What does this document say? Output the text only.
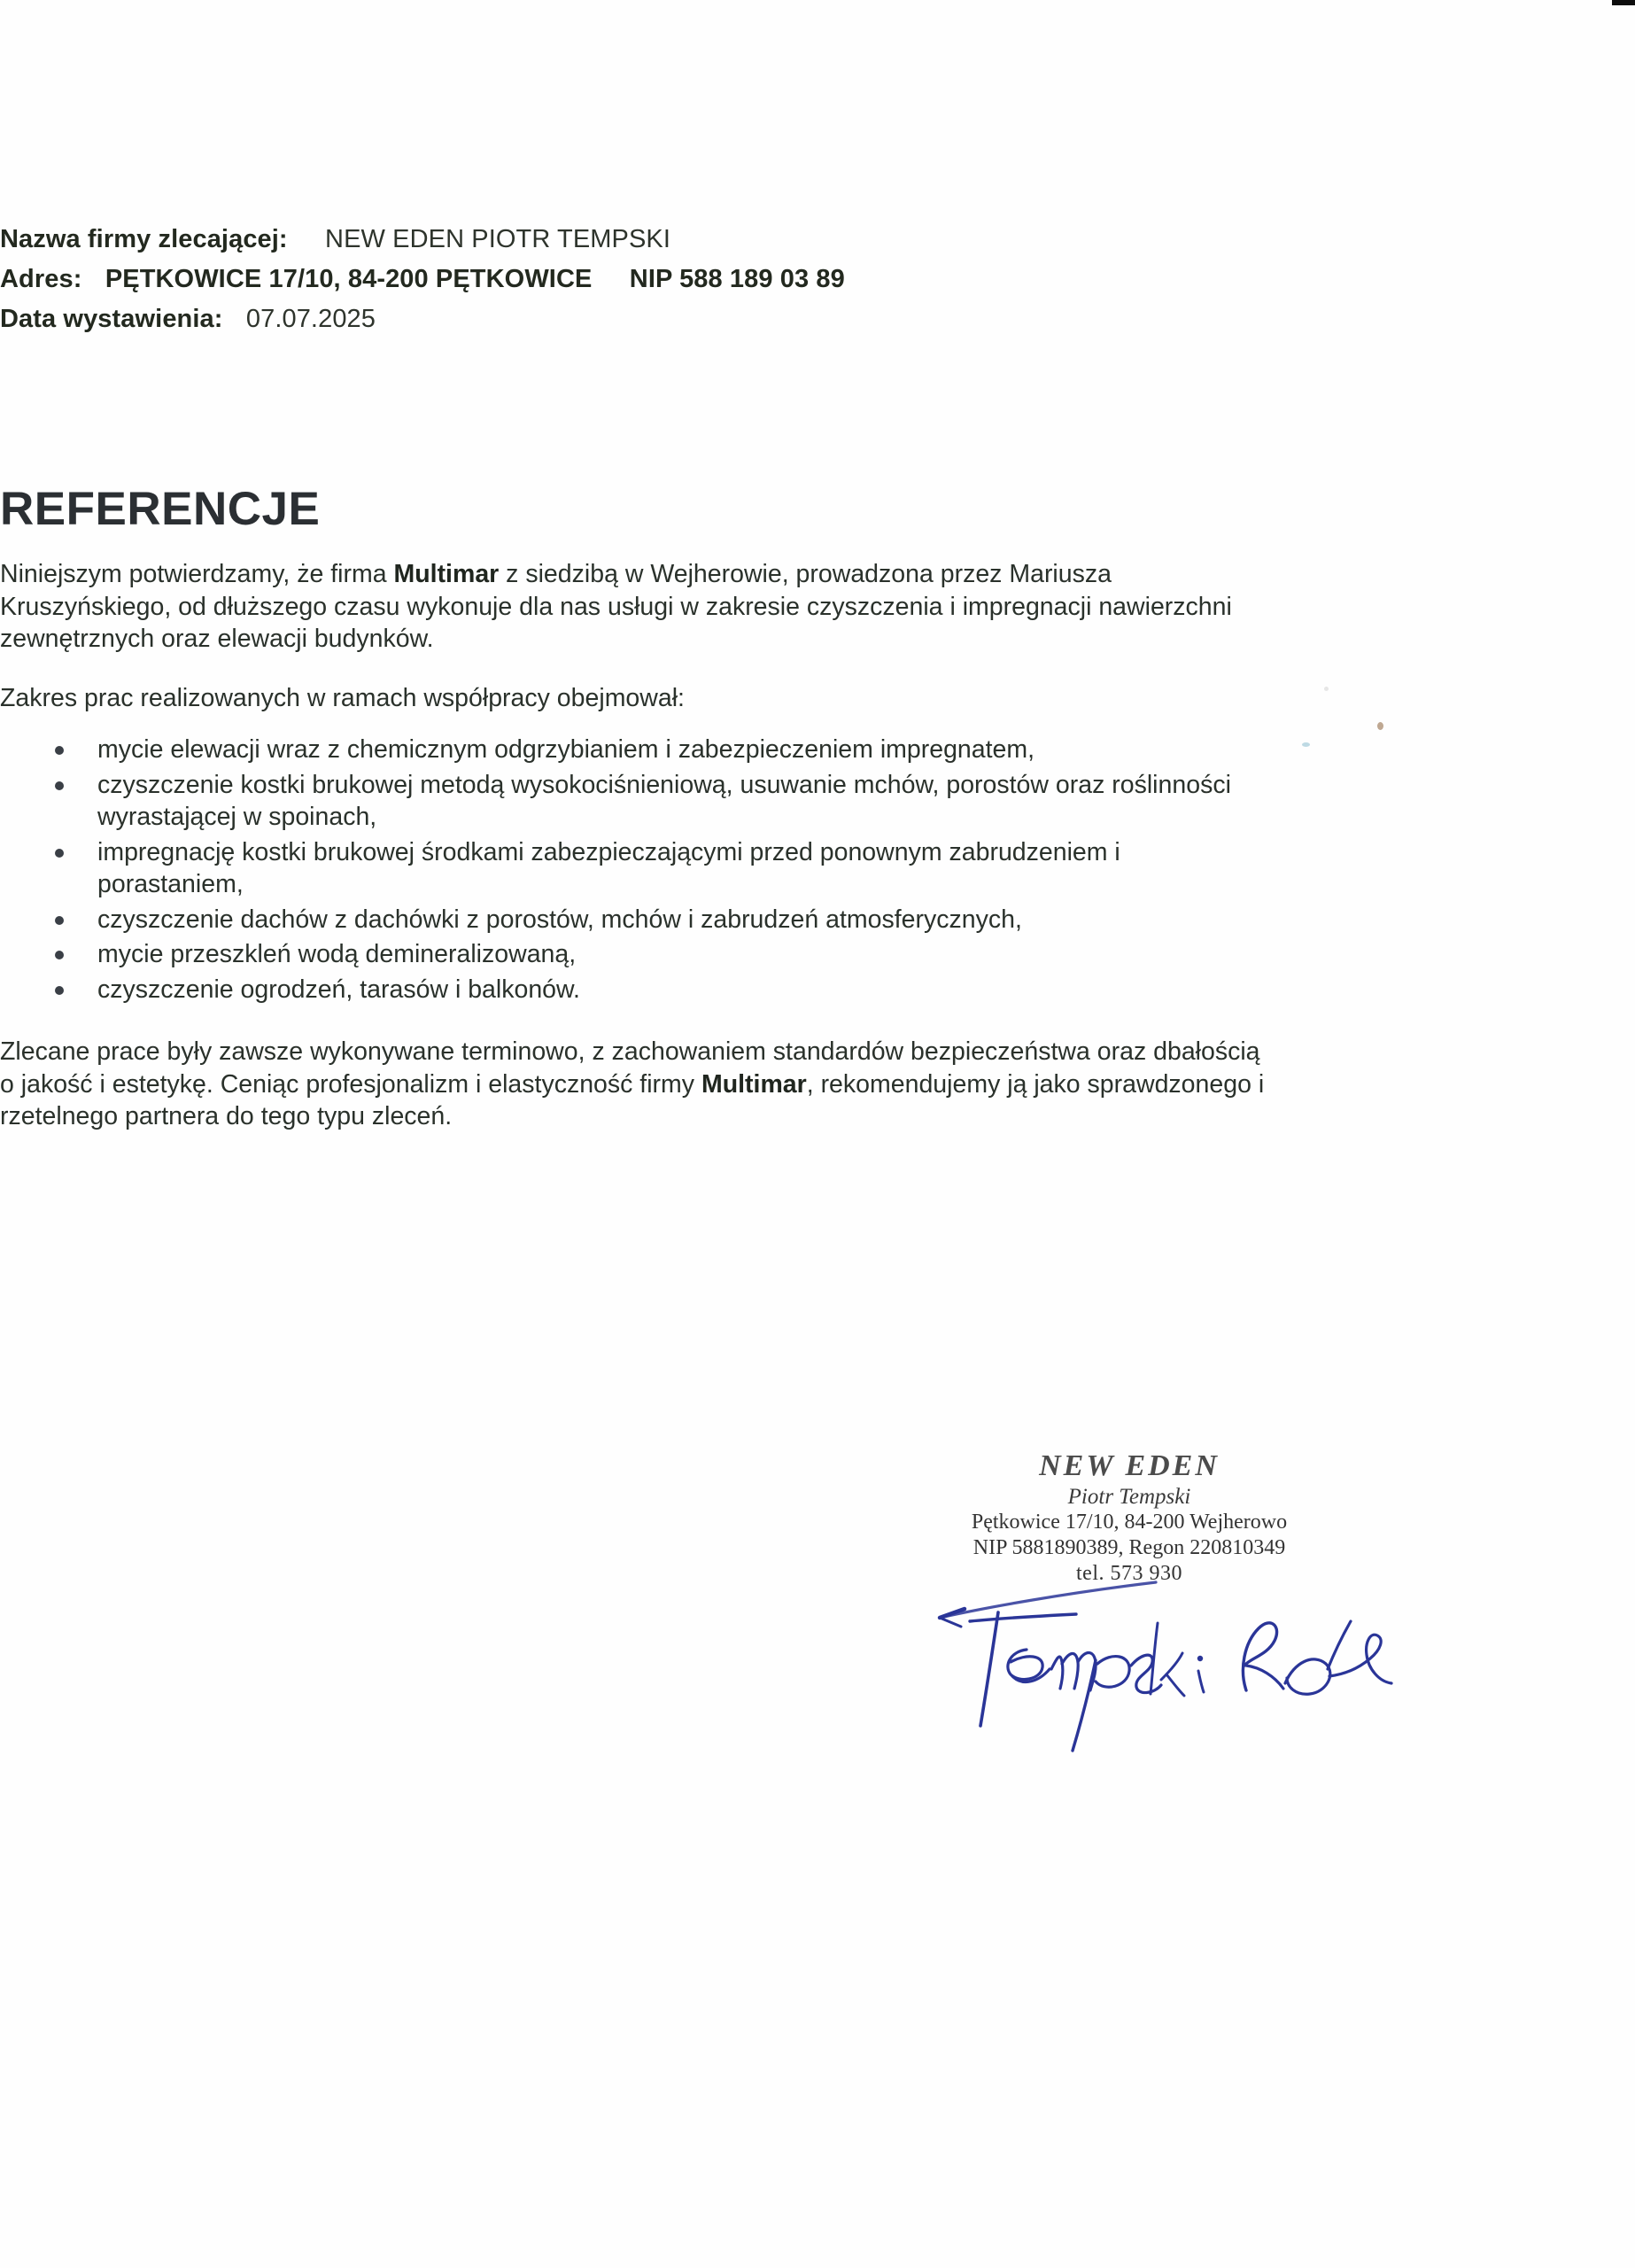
Nazwa firmy zlecającej: NEW EDEN PIOTR TEMPSKI
Adres: PĘTKOWICE 17/10, 84-200 PĘTKOWICE NIP 588 189 03 89
Data wystawienia: 07.07.2025
REFERENCJE

Niniejszym potwierdzamy, że firma Multimar z siedzibą w Wejherowie, prowadzona przez Mariusza Kruszyńskiego, od dłuższego czasu wykonuje dla nas usługi w zakresie czyszczenia i impregnacji nawierzchni zewnętrznych oraz elewacji budynków.

Zakres prac realizowanych w ramach współpracy obejmował:

mycie elewacji wraz z chemicznym odgrzybianiem i zabezpieczeniem impregnatem,
czyszczenie kostki brukowej metodą wysokociśnieniową, usuwanie mchów, porostów oraz roślinności wyrastającej w spoinach,
impregnację kostki brukowej środkami zabezpieczającymi przed ponownym zabrudzeniem i porastaniem,
czyszczenie dachów z dachówki z porostów, mchów i zabrudzeń atmosferycznych,
mycie przeszkleń wodą demineralizowaną,
czyszczenie ogrodzeń, tarasów i balkonów.

Zlecane prace były zawsze wykonywane terminowo, z zachowaniem standardów bezpieczeństwa oraz dbałością o jakość i estetykę. Ceniąc profesjonalizm i elastyczność firmy Multimar, rekomendujemy ją jako sprawdzonego i rzetelnego partnera do tego typu zleceń.

NEW EDEN
Piotr Tempski
Pętkowice 17/10, 84-200 Wejherowo
NIP 5881890389, Regon 220810349
tel. 573 930
